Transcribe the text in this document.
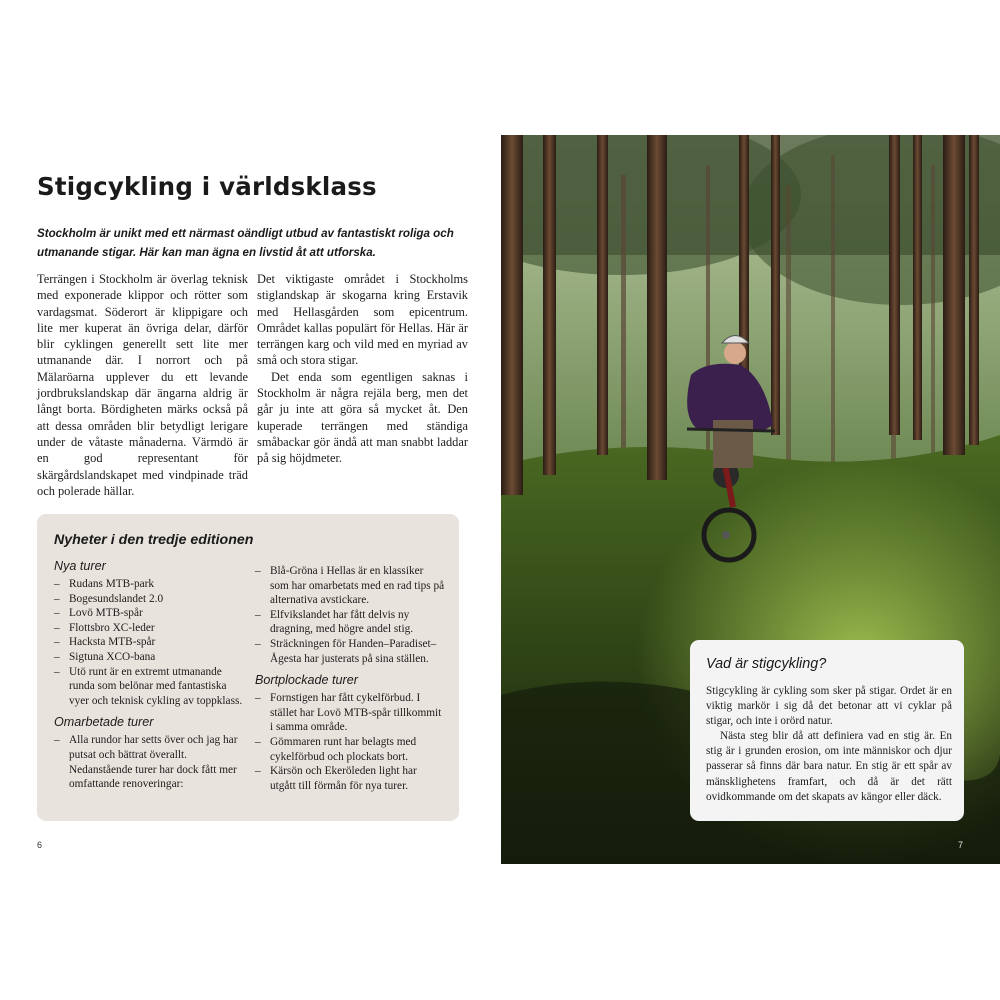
Stigcykling i världsklass

Stockholm är unikt med ett närmast oändligt utbud av fantastiskt roliga och utmanande stigar. Här kan man ägna en livstid åt att utforska.

Terrängen i Stockholm är överlag teknisk med exponerade klippor och rötter som vardagsmat. Söderort är klippigare och lite mer kuperat än övriga delar, därför blir cyklingen generellt sett lite mer utmanande där. I norrort och på Mälaröarna upplever du ett levande jordbrukslandskap där ängarna aldrig är långt borta. Bördigheten märks också på att dessa områden blir betydligt lerigare under de våtaste månaderna. Värmdö är en god representant för skärgårdslandskapet med vindpinade träd och polerade hällar.

Det viktigaste området i Stockholms stiglandskap är skogarna kring Erstavik med Hellasgården som epicentrum. Området kallas populärt för Hellas. Här är terrängen karg och vild med en myriad av små och stora stigar.

Det enda som egentligen saknas i Stockholm är några rejäla berg, men det går ju inte att göra så mycket åt. Den kuperade terrängen med ständiga småbackar gör ändå att man snabbt laddar på sig höjdmeter.

Nyheter i den tredje editionen
Nya turer
– Rudans MTB-park
– Bogesundslandet 2.0
– Lovö MTB-spår
– Flottsbro XC-leder
– Hacksta MTB-spår
– Sigtuna XCO-bana
– Utö runt är en extremt utmanande runda som belönar med fantastiska vyer och teknisk cykling av toppklass.
Omarbetade turer
– Alla rundor har setts över och jag har putsat och bättrat överallt. Nedanstående turer har dock fått mer omfattande renoveringar:
– Blå-Gröna i Hellas är en klassiker som har omarbetats med en rad tips på alternativa avstickare.
– Elfvikslandet har fått delvis ny dragning, med högre andel stig.
– Sträckningen för Handen–Paradiset–Ågesta har justerats på sina ställen.
Bortplockade turer
– Fornstigen har fått cykelförbud. I stället har Lovö MTB-spår tillkommit i samma område.
– Gömmaren runt har belagts med cykelförbud och plockats bort.
– Kärsön och Ekeröleden light har utgått till förmån för nya turer.
6
Vad är stigcykling?

Stigcykling är cykling som sker på stigar. Ordet är en viktig markör i sig då det betonar att vi cyklar på stigar, och inte i orörd natur.

Nästa steg blir då att definiera vad en stig är. En stig är i grunden erosion, om inte människor och djur passerar så finns där bara natur. En stig är ett spår av mänsklighetens framfart, och då är det rätt ovidkommande om det skapats av kängor eller däck.

7
